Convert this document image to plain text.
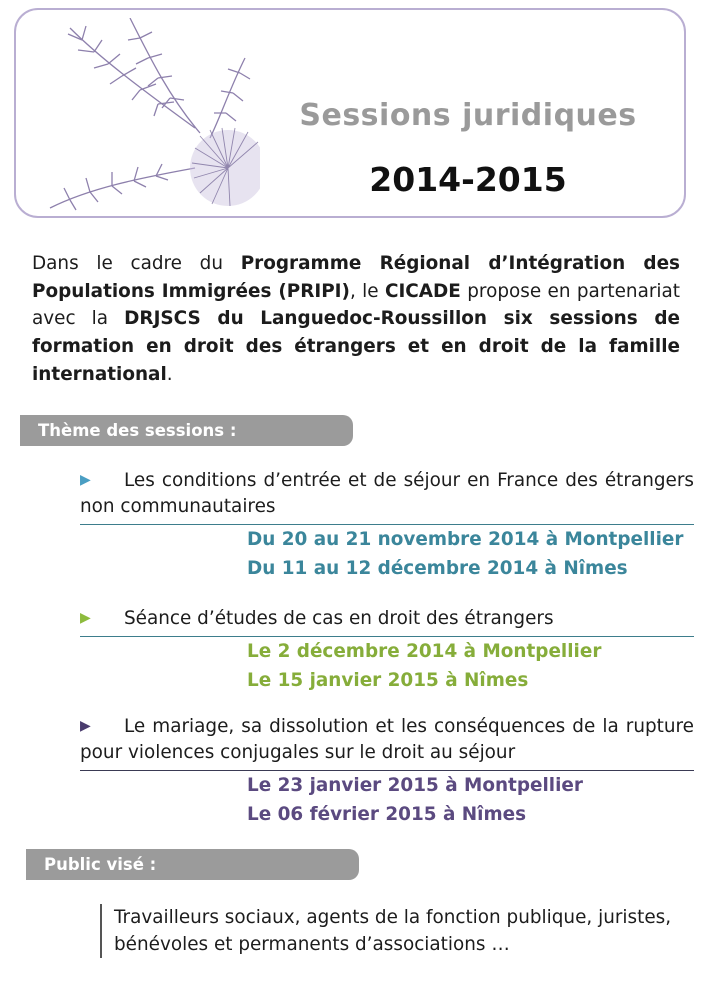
Sessions juridiques
2014-2015

Dans le cadre du Programme Régional d’Intégration des Populations Immigrées (PRIPI), le CICADE propose en partenariat avec la DRJSCS du Languedoc-Roussillon six sessions de formation en droit des étrangers et en droit de la famille international.

Thème des sessions :

▶ Les conditions d’entrée et de séjour en France des étrangers non communautaires

Du 20 au 21 novembre 2014 à Montpellier
Du 11 au 12 décembre 2014 à Nîmes

▶ Séance d’études de cas en droit des étrangers

Le 2 décembre 2014 à Montpellier
Le 15 janvier 2015 à Nîmes

▶ Le mariage, sa dissolution et les conséquences de la rupture pour violences conjugales sur le droit au séjour

Le 23 janvier 2015 à Montpellier
Le 06 février 2015 à Nîmes
Public visé :

Travailleurs sociaux, agents de la fonction publique, juristes, bénévoles et permanents d’associations …
